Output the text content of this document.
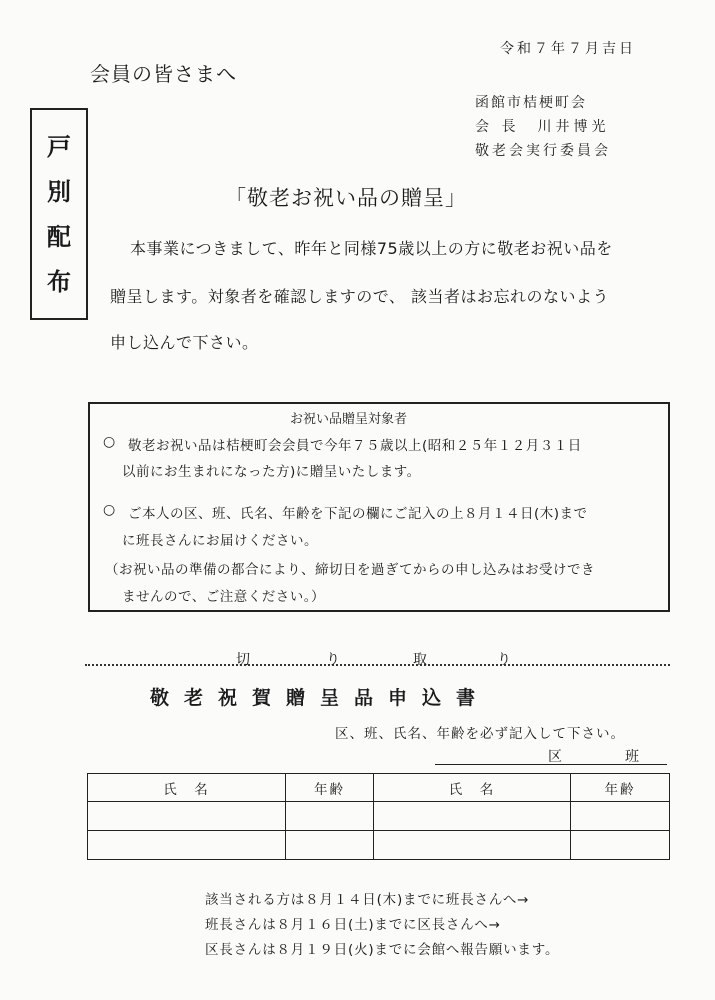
令和７年７月吉日
会員の皆さまへ
函館市桔梗町会
会 長　川井博光
敬老会実行委員会
戸
別
配
布
「敬老お祝い品の贈呈」
本事業につきまして、昨年と同様75歳以上の方に敬老お祝い品を
贈呈します。対象者を確認しますので、 該当者はお忘れのないよう
申し込んで下さい。
お祝い品贈呈対象者
○ 敬老お祝い品は桔梗町会会員で今年７５歳以上(昭和２５年１２月３１日
以前にお生まれになった方)に贈呈いたします。
○ ご本人の区、班、氏名、年齢を下記の欄にご記入の上８月１４日(木)まで
に班長さんにお届けください。
（お祝い品の準備の都合により、締切日を過ぎてからの申し込みはお受けでき
ませんので、ご注意ください。）
切	り	取	り
敬老祝賀贈呈品申込書
区、班、氏名、年齢を必ず記入して下さい。
区	班
氏　名	年齢	氏　名	年齢

該当される方は８月１４日(木)までに班長さんへ→
班長さんは８月１６日(土)までに区長さんへ→
区長さんは８月１９日(火)までに会館へ報告願います。
